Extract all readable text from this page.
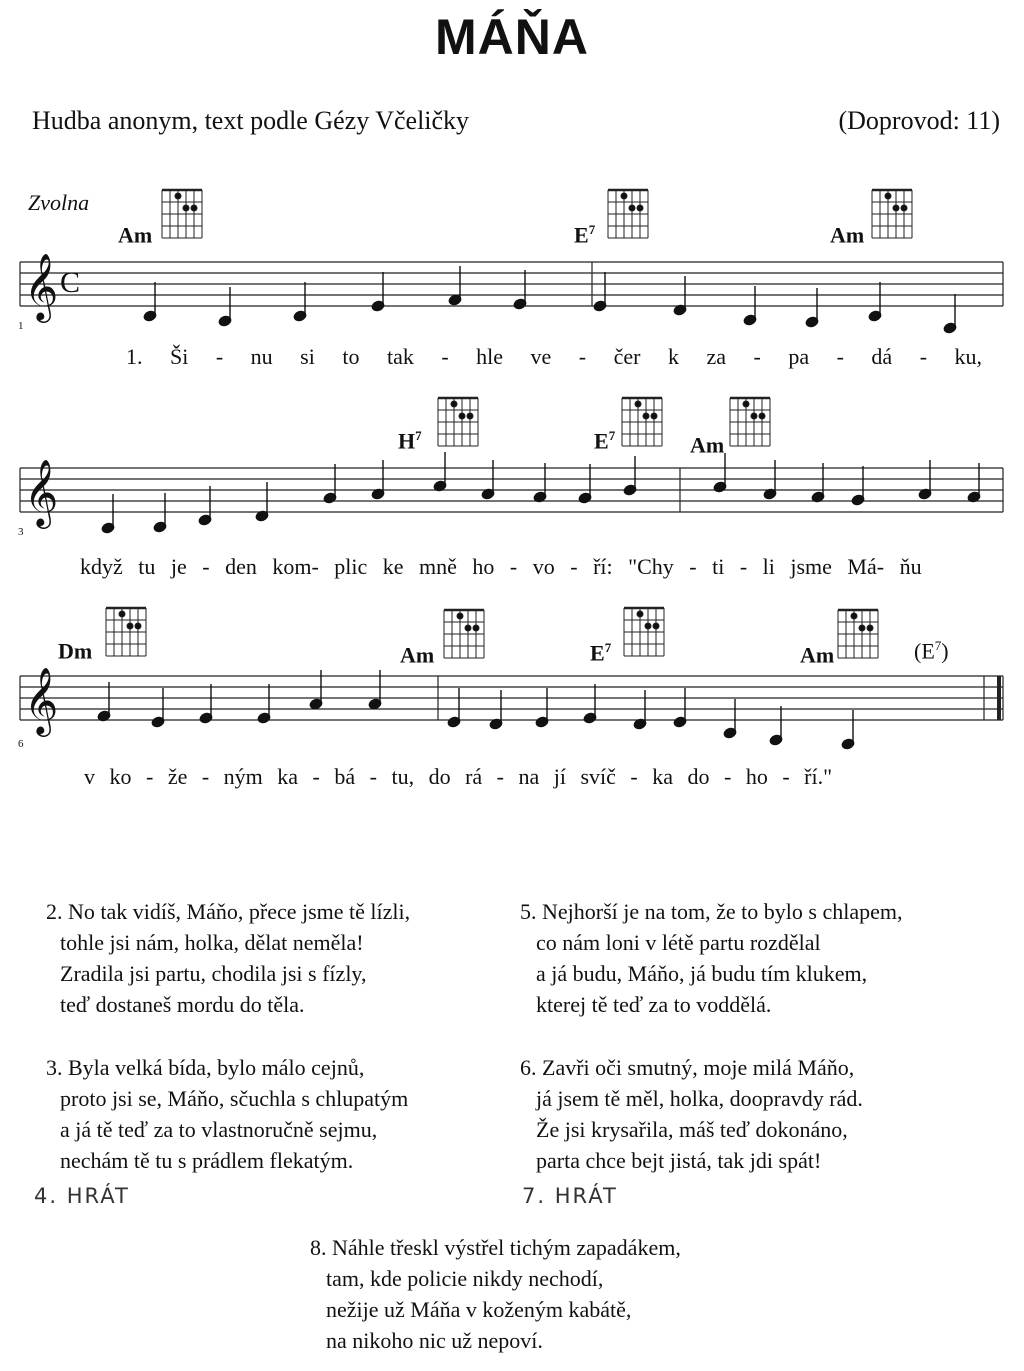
MÁŇA
Hudba anonym, text podle Gézy Včeličky	(Doprovod: 11)
Zvolna
𝄞 C
𝄞
𝄞
1
Am	$E^7$	Am
1. Ši - nu si to tak - hle ve - čer k za - pa - dá - ku,
3
$H^7$	$E^7$	Am
když tu je - den kom- plic ke mně ho - vo - ří: "Chy - ti - li jsme Má- ňu
6
Dm	Am	$E^7$	Am	$(E^7)$
v ko - že - ným ka - bá - tu, do rá - na jí svíč - ka do - ho - ří."
2. No tak vidíš, Máňo, přece jsme tě lízli,
tohle jsi nám, holka, dělat neměla!
Zradila jsi partu, chodila jsi s fízly,
teď dostaneš mordu do těla.
3. Byla velká bída, bylo málo cejnů,
proto jsi se, Máňo, sčuchla s chlupatým
a já tě teď za to vlastnoručně sejmu,
nechám tě tu s prádlem flekatým.
5. Nejhorší je na tom, že to bylo s chlapem,
co nám loni v létě partu rozdělal
a já budu, Máňo, já budu tím klukem,
kterej tě teď za to voddělá.
6. Zavři oči smutný, moje milá Máňo,
já jsem tě měl, holka, doopravdy rád.
Že jsi krysařila, máš teď dokonáno,
parta chce bejt jistá, tak jdi spát!
8. Náhle třeskl výstřel tichým zapadákem,
tam, kde policie nikdy nechodí,
nežije už Máňa v koženým kabátě,
na nikoho nic už nepoví.
4. HRÁT	7. HRÁT
